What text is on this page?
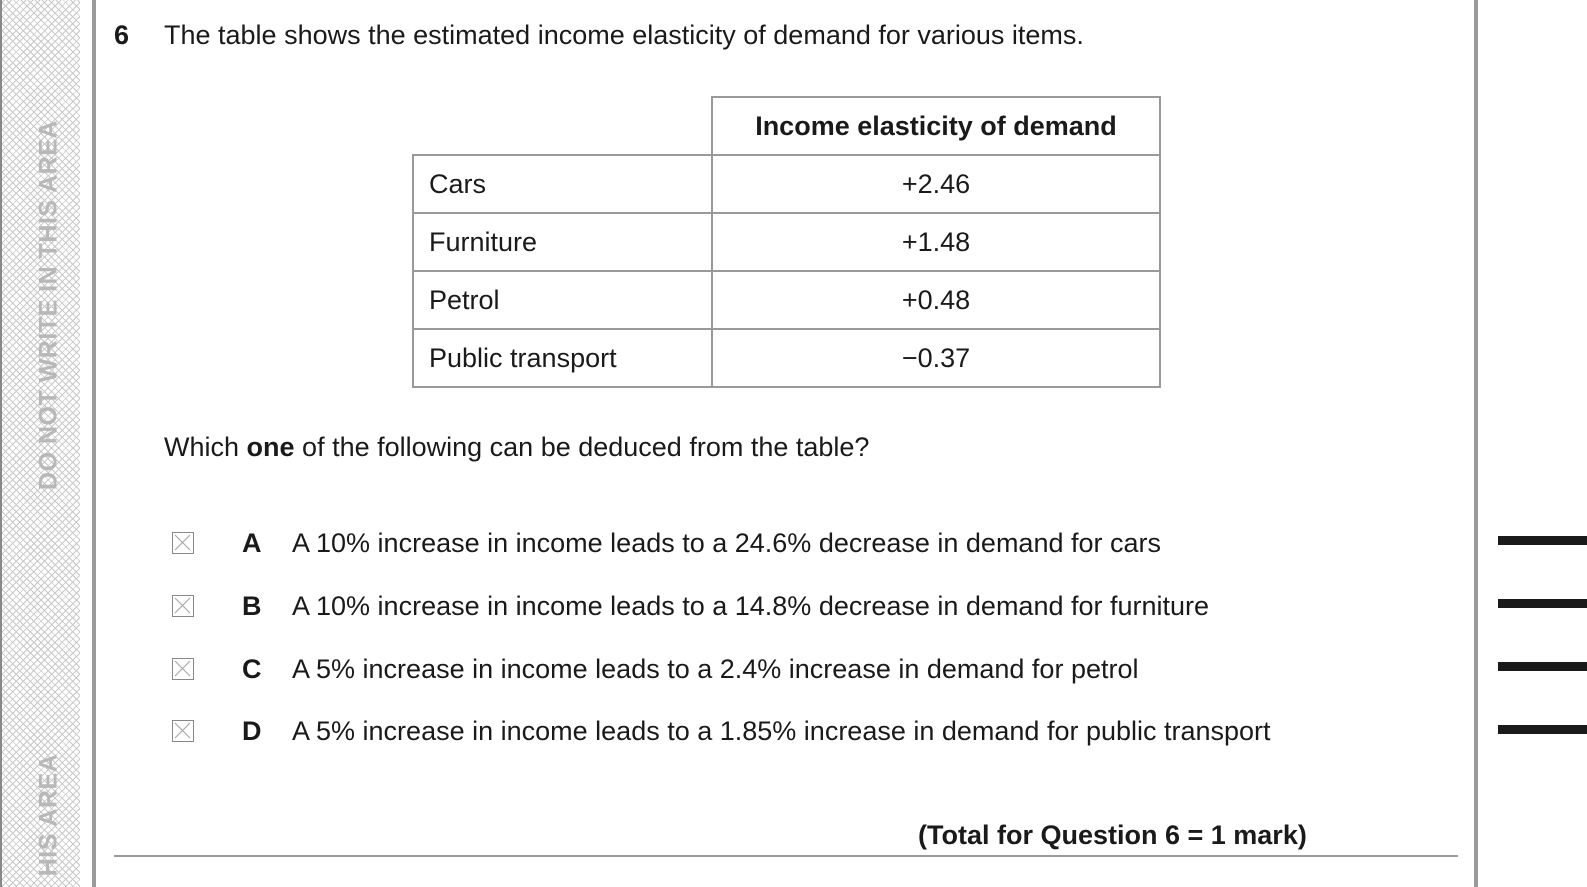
DO NOT WRITE IN THIS AREA
HIS AREA
6 The table shows the estimated income elasticity of demand for various items.
	Income elasticity of demand
Cars	+2.46
Furniture	+1.48
Petrol	+0.48
Public transport	−0.37
Which one of the following can be deduced from the table?
A A 10% increase in income leads to a 24.6% decrease in demand for cars
B A 10% increase in income leads to a 14.8% decrease in demand for furniture
C A 5% increase in income leads to a 2.4% increase in demand for petrol
D A 5% increase in income leads to a 1.85% increase in demand for public transport
(Total for Question 6 = 1 mark)
